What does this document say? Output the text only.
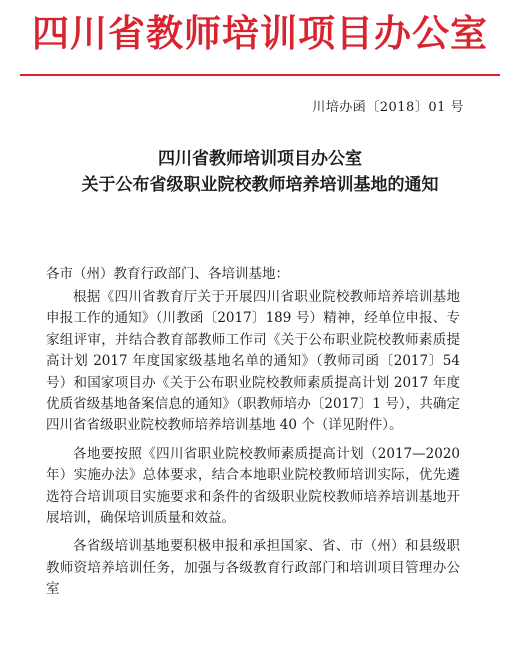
四川省教师培训项目办公室
川培办函〔2018〕01 号
四川省教师培训项目办公室
关于公布省级职业院校教师培养培训基地的通知
各市（州）教育行政部门、各培训基地：

根据《四川省教育厅关于开展四川省职业院校教师培养培训基地申报工作的通知》（川教函〔2017〕189 号）精神，经单位申报、专家组评审，并结合教育部教师工作司《关于公布职业院校教师素质提高计划 2017 年度国家级基地名单的通知》（教师司函〔2017〕54 号）和国家项目办《关于公布职业院校教师素质提高计划 2017 年度优质省级基地备案信息的通知》（职教师培办〔2017〕1 号），共确定四川省省级职业院校教师培养培训基地 40 个（详见附件）。

各地要按照《四川省职业院校教师素质提高计划（2017—2020 年）实施办法》总体要求，结合本地职业院校教师培训实际，优先遴选符合培训项目实施要求和条件的省级职业院校教师培养培训基地开展培训，确保培训质量和效益。

各省级培训基地要积极申报和承担国家、省、市（州）和县级职教师资培养培训任务，加强与各级教育行政部门和培训项目管理办公室
